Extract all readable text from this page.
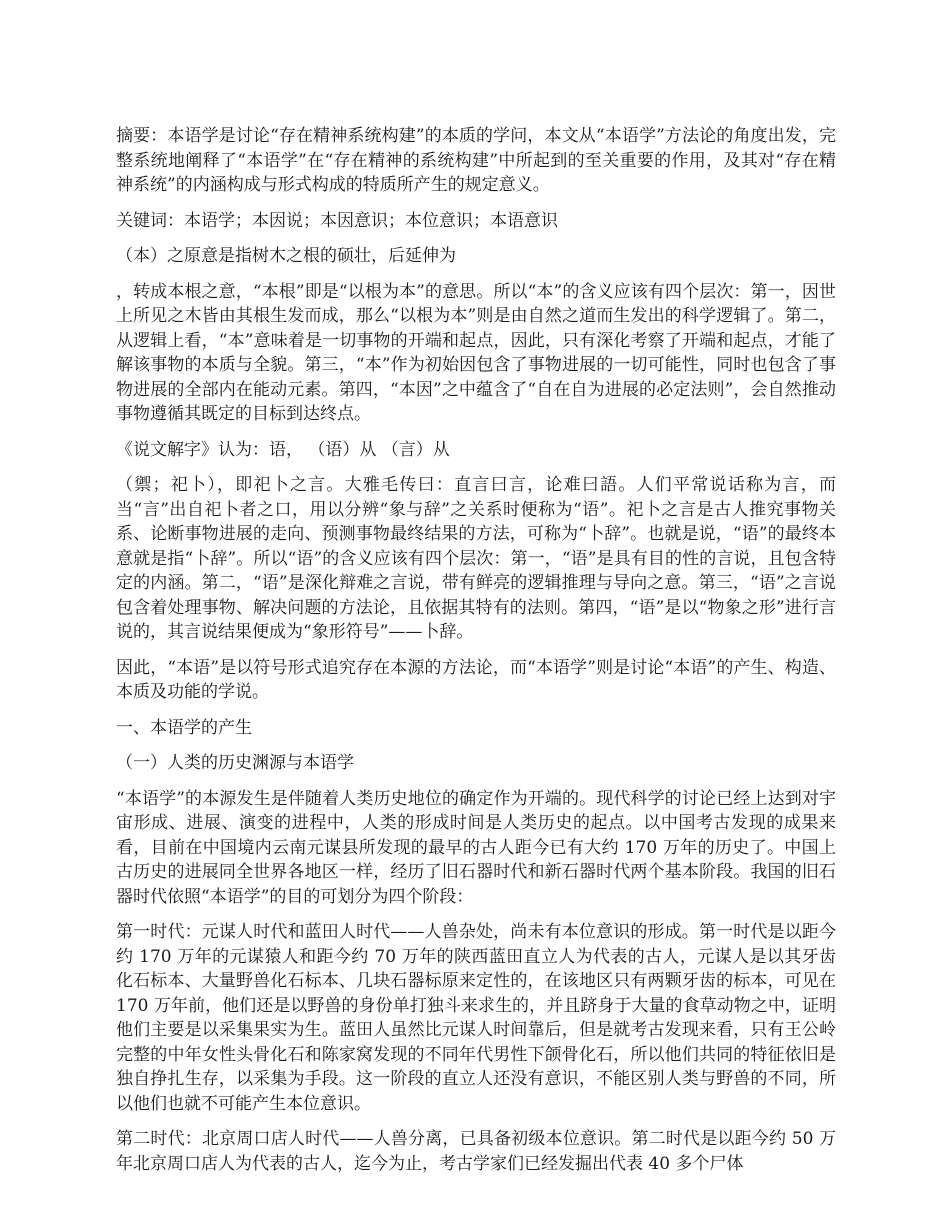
摘要：本语学是讨论“存在精神系统构建”的本质的学问，本文从“本语学”方法论的角度出发，完整系统地阐释了“本语学”在“存在精神的系统构建”中所起到的至关重要的作用，及其对“存在精神系统”的内涵构成与形式构成的特质所产生的规定意义。

关键词：本语学；本因说；本因意识；本位意识；本语意识

（本）之原意是指树木之根的硕壮，后延伸为

，转成本根之意，“本根”即是“以根为本”的意思。所以“本”的含义应该有四个层次：第一，因世上所见之木皆由其根生发而成，那么“以根为本”则是由自然之道而生发出的科学逻辑了。第二，从逻辑上看，“本”意味着是一切事物的开端和起点，因此，只有深化考察了开端和起点，才能了解该事物的本质与全貌。第三，“本”作为初始因包含了事物进展的一切可能性，同时也包含了事物进展的全部内在能动元素。第四，“本因”之中蕴含了“自在自为进展的必定法则”，会自然推动事物遵循其既定的目标到达终点。

《说文解字》认为：语， （语）从 （言）从

（禦；祀卜），即祀卜之言。大雅毛传曰：直言曰言，论难曰語。人们平常说话称为言，而当“言”出自祀卜者之口，用以分辨“象与辞”之关系时便称为“语”。祀卜之言是古人推究事物关系、论断事物进展的走向、预测事物最终结果的方法，可称为“卜辞”。也就是说，“语”的最终本意就是指“卜辞”。所以“语”的含义应该有四个层次：第一，“语”是具有目的性的言说，且包含特定的内涵。第二，“语”是深化辩难之言说，带有鲜亮的逻辑推理与导向之意。第三，“语”之言说包含着处理事物、解决问题的方法论，且依据其特有的法则。第四，“语”是以“物象之形”进行言说的，其言说结果便成为“象形符号”——卜辞。

因此，“本语”是以符号形式追究存在本源的方法论，而“本语学”则是讨论“本语”的产生、构造、本质及功能的学说。

一、本语学的产生

（一）人类的历史渊源与本语学

“本语学”的本源发生是伴随着人类历史地位的确定作为开端的。现代科学的讨论已经上达到对宇宙形成、进展、演变的进程中，人类的形成时间是人类历史的起点。以中国考古发现的成果来看，目前在中国境内云南元谋县所发现的最早的古人距今已有大约 170 万年的历史了。中国上古历史的进展同全世界各地区一样，经历了旧石器时代和新石器时代两个基本阶段。我国的旧石器时代依照“本语学”的目的可划分为四个阶段：

第一时代：元谋人时代和蓝田人时代——人兽杂处，尚未有本位意识的形成。第一时代是以距今约 170 万年的元谋猿人和距今约 70 万年的陕西蓝田直立人为代表的古人，元谋人是以其牙齿化石标本、大量野兽化石标本、几块石器标原来定性的，在该地区只有两颗牙齿的标本，可见在 170 万年前，他们还是以野兽的身份单打独斗来求生的，并且跻身于大量的食草动物之中，证明他们主要是以采集果实为生。蓝田人虽然比元谋人时间靠后，但是就考古发现来看，只有王公岭完整的中年女性头骨化石和陈家窝发现的不同年代男性下颌骨化石，所以他们共同的特征依旧是独自挣扎生存，以采集为手段。这一阶段的直立人还没有意识，不能区别人类与野兽的不同，所以他们也就不可能产生本位意识。

第二时代：北京周口店人时代——人兽分离，已具备初级本位意识。第二时代是以距今约 50 万年北京周口店人为代表的古人，迄今为止，考古学家们已经发掘出代表 40 多个尸体
